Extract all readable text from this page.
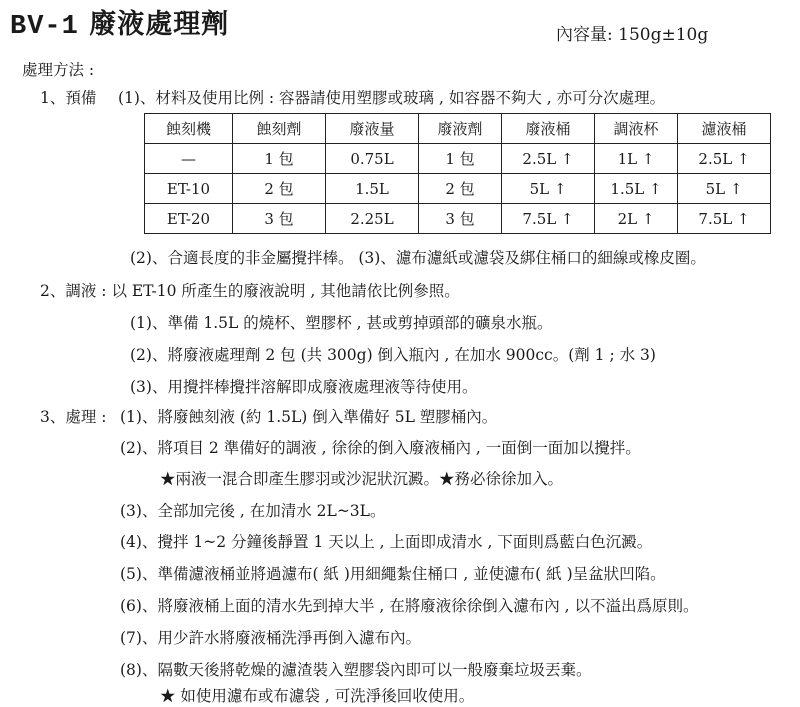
BV-1 廢液處理劑	內容量: 150g±10g
處理方法 :
1、預備 (1)、材料及使用比例 : 容器請使用塑膠或玻璃 , 如容器不夠大 , 亦可分次處理。
蝕刻機	蝕刻劑	廢液量	廢液劑	廢液桶	調液杯	濾液桶
—	1 包	0.75L	1 包	2.5L ↑	1L ↑	2.5L ↑
ET-10	2 包	1.5L	2 包	5L ↑	1.5L ↑	5L ↑
ET-20	3 包	2.25L	3 包	7.5L ↑	2L ↑	7.5L ↑
(2)、合適長度的非金屬攪拌棒。 (3)、濾布濾紙或濾袋及綁住桶口的細線或橡皮圈。
2、調液 : 以 ET-10 所產生的廢液說明 , 其他請依比例參照。
(1)、準備 1.5L 的燒杯、塑膠杯 , 甚或剪掉頭部的礦泉水瓶。
(2)、將廢液處理劑 2 包 (共 300g) 倒入瓶內 , 在加水 900cc。(劑 1 ; 水 3)
(3)、用攪拌棒攪拌溶解即成廢液處理液等待使用。
3、處理 : (1)、將廢蝕刻液 (約 1.5L) 倒入準備好 5L 塑膠桶內。
(2)、將項目 2 準備好的調液 , 徐徐的倒入廢液桶內 , 一面倒一面加以攪拌。
★兩液一混合即產生膠羽或沙泥狀沉澱。★務必徐徐加入。
(3)、全部加完後 , 在加清水 2L~3L。
(4)、攪拌 1~2 分鐘後靜置 1 天以上 , 上面即成清水 , 下面則爲藍白色沉澱。
(5)、準備濾液桶並將過濾布( 紙 )用細繩紮住桶口 , 並使濾布( 紙 )呈盆狀凹陷。
(6)、將廢液桶上面的清水先到掉大半 , 在將廢液徐徐倒入濾布內 , 以不溢出爲原則。
(7)、用少許水將廢液桶洗淨再倒入濾布內。
(8)、隔數天後將乾燥的濾渣裝入塑膠袋內即可以一般廢棄垃圾丟棄。
★ 如使用濾布或布濾袋 , 可洗淨後回收使用。
